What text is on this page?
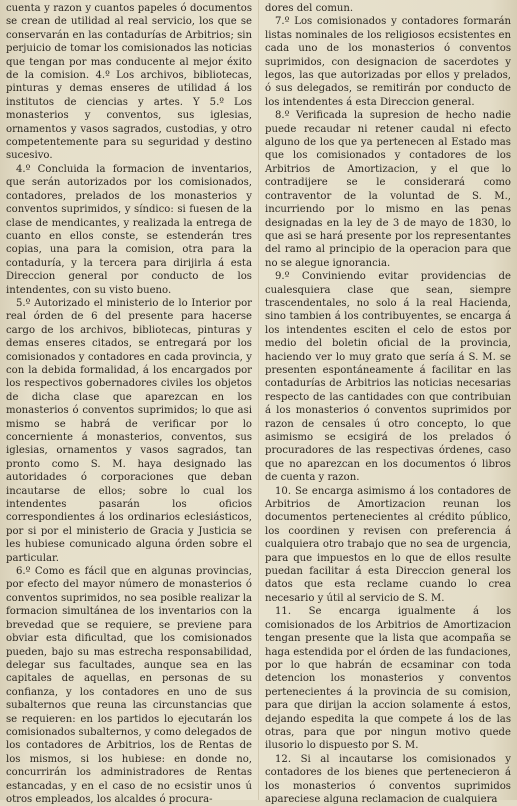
cuenta y razon y cuantos papeles ó documentos se crean de utilidad al real servicio, los que se conservarán en las contadurías de Arbitrios; sin perjuicio de tomar los comisionados las noticias que tengan por mas conducente al mejor éxito de la comision. 4.º Los archivos, bibliotecas, pinturas y demas enseres de utilidad á los institutos de ciencias y artes. Y 5.º Los monasterios y conventos, sus iglesias, ornamentos y vasos sagrados, custodias, y otro competentemente para su seguridad y destino sucesivo.

4.º Concluida la formacion de inventarios, que serán autorizados por los comisionados, contadores, prelados de los monasterios y conventos suprimidos, y síndico: si fuesen de la clase de mendicantes, y realizada la entrega de cuanto en ellos conste, se estenderán tres copias, una para la comision, otra para la contaduría, y la tercera para dirijirla á esta Direccion general por conducto de los intendentes, con su visto bueno.

5.º Autorizado el ministerio de lo Interior por real órden de 6 del presente para hacerse cargo de los archivos, bibliotecas, pinturas y demas enseres citados, se entregará por los comisionados y contadores en cada provincia, y con la debida formalidad, á los encargados por los respectivos gobernadores civiles los objetos de dicha clase que aparezcan en los monasterios ó conventos suprimidos; lo que asi mismo se habrá de verificar por lo concerniente á monasterios, conventos, sus iglesias, ornamentos y vasos sagrados, tan pronto como S. M. haya designado las autoridades ó corporaciones que deban incautarse de ellos; sobre lo cual los intendentes pasarán los oficios correspondientes á los ordinarios eclesiásticos, por si por el ministerio de Gracia y Justicia se les hubiese comunicado alguna órden sobre el particular.

6.º Como es fácil que en algunas provincias, por efecto del mayor número de monasterios ó conventos suprimidos, no sea posible realizar la formacion simultánea de los inventarios con la brevedad que se requiere, se previene para obviar esta dificultad, que los comisionados pueden, bajo su mas estrecha responsabilidad, delegar sus facultades, aunque sea en las capitales de aquellas, en personas de su confianza, y los contadores en uno de sus subalternos que reuna las circunstancias que se requieren: en los partidos lo ejecutarán los comisionados subalternos, y como delegados de los contadores de Arbitrios, los de Rentas de los mismos, si los hubiese: en donde no, concurrirán los administradores de Rentas estancadas, y en el caso de no ecsistir unos ú otros empleados, los alcaldes ó procura-

dores del comun.

7.º Los comisionados y contadores formarán listas nominales de los religiosos ecsistentes en cada uno de los monasterios ó conventos suprimidos, con designacion de sacerdotes y legos, las que autorizadas por ellos y prelados, ó sus delegados, se remitirán por conducto de los intendentes á esta Direccion general.

8.º Verificada la supresion de hecho nadie puede recaudar ni retener caudal ni efecto alguno de los que ya pertenecen al Estado mas que los comisionados y contadores de los Arbitrios de Amortizacion, y el que lo contradijere se le considerará como contraventor de la voluntad de S. M., incurriendo por lo mismo en las penas designadas en la ley de 3 de mayo de 1830, lo que asi se hará presente por los representantes del ramo al principio de la operacion para que no se alegue ignorancia.

9.º Conviniendo evitar providencias de cualesquiera clase que sean, siempre trascendentales, no solo á la real Hacienda, sino tambien á los contribuyentes, se encarga á los intendentes esciten el celo de estos por medio del boletin oficial de la provincia, haciendo ver lo muy grato que sería á S. M. se presenten espontáneamente á facilitar en las contadurías de Arbitrios las noticias necesarias respecto de las cantidades con que contribuian á los monasterios ó conventos suprimidos por razon de censales ú otro concepto, lo que asimismo se ecsigirá de los prelados ó procuradores de las respectivas órdenes, caso que no aparezcan en los documentos ó libros de cuenta y razon.

10. Se encarga asimismo á los contadores de Arbitrios de Amortizacion reunan los documentos pertenecientes al crédito público, los coordinen y revisen con preferencia á cualquiera otro trabajo que no sea de urgencia, para que impuestos en lo que de ellos resulte puedan facilitar á esta Direccion general los datos que esta reclame cuando lo crea necesario y útil al servicio de S. M.

11. Se encarga igualmente á los comisionados de los Arbitrios de Amortizacion tengan presente que la lista que acompaña se haga estendida por el órden de las fundaciones, por lo que habrán de ecsaminar con toda detencion los monasterios y conventos pertenecientes á la provincia de su comision, para que dirijan la accion solamente á estos, dejando espedita la que compete á los de las otras, para que por ningun motivo quede ilusorio lo dispuesto por S. M.

12. Si al incautarse los comisionados y contadores de los bienes que pertenecieron á los monasterios ó conventos suprimidos apareciese alguna reclamacion de cualquiera
